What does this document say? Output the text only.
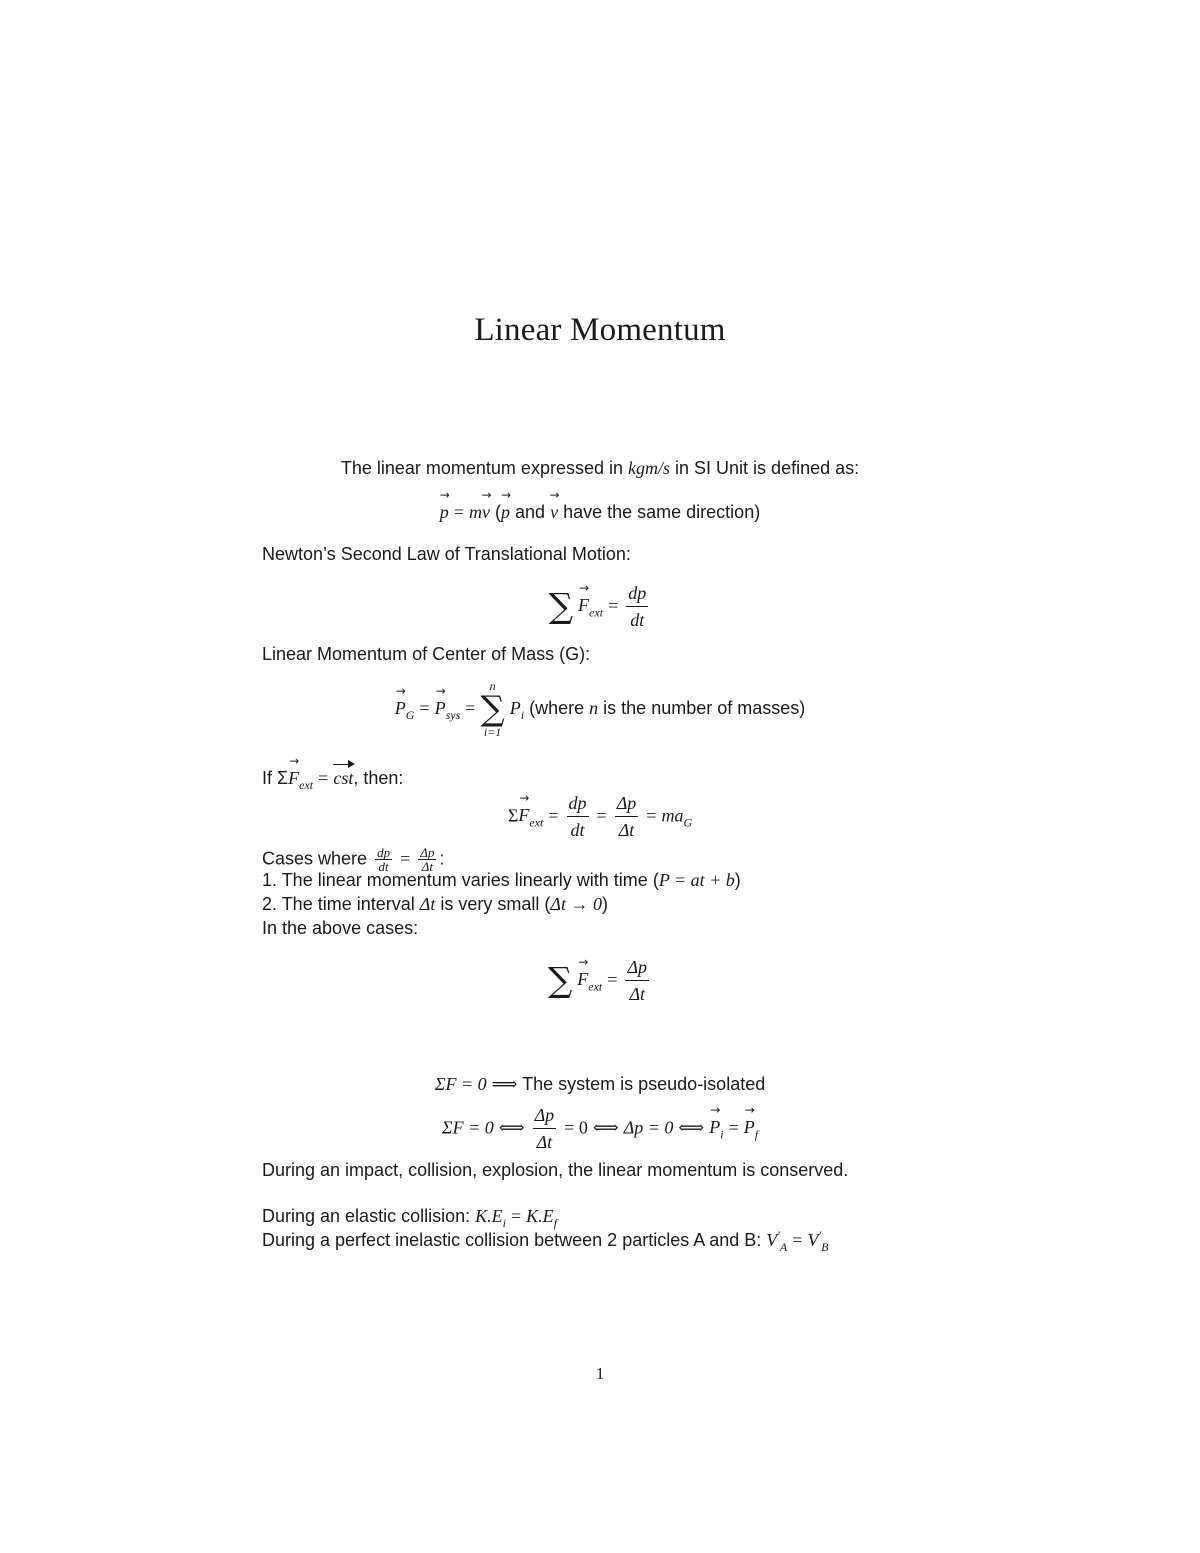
Linear Momentum
The linear momentum expressed in kgm/s in SI Unit is defined as:
→ p = m→ v (→ p and → v have the same direction)
Newton’s Second Law of Translational Motion:
∑ → $F_{ext} = \frac{dp}{dt}$
Linear Momentum of Center of Mass (G):
→ $P_G$ = → $P_{sys}$ =
n
∑
i=1
$P_i$ (where n is the number of masses)
If $\Sigma\to F_{ext}$ = cst, then:
$\Sigma\to F_{ext} = \frac{dp}{dt} = \frac{\Delta p}{\Delta t} = ma_G$
Cases where $\frac{dp}{dt} = \frac{\Delta p}{\Delta t}$ :
1. The linear momentum varies linearly with time (P = at + b)
2. The time interval Δt is very small (Δt → 0)
In the above cases:
∑ → $F_{ext} = \frac{\Delta p}{\Delta t}$
ΣF = 0 ⟹ The system is pseudo-isolated
ΣF = 0 ⟺ $\frac{\Delta p}{\Delta t} = 0$ ⟺ Δp = 0 ⟺ → $P_i$ = → $P_f$
During an impact, collision, explosion, the linear momentum is conserved.
During an elastic collision: $K.E_i = K.E_f$
During a perfect inelastic collision between 2 particles A and B: $V'_A = V'_B$
1
